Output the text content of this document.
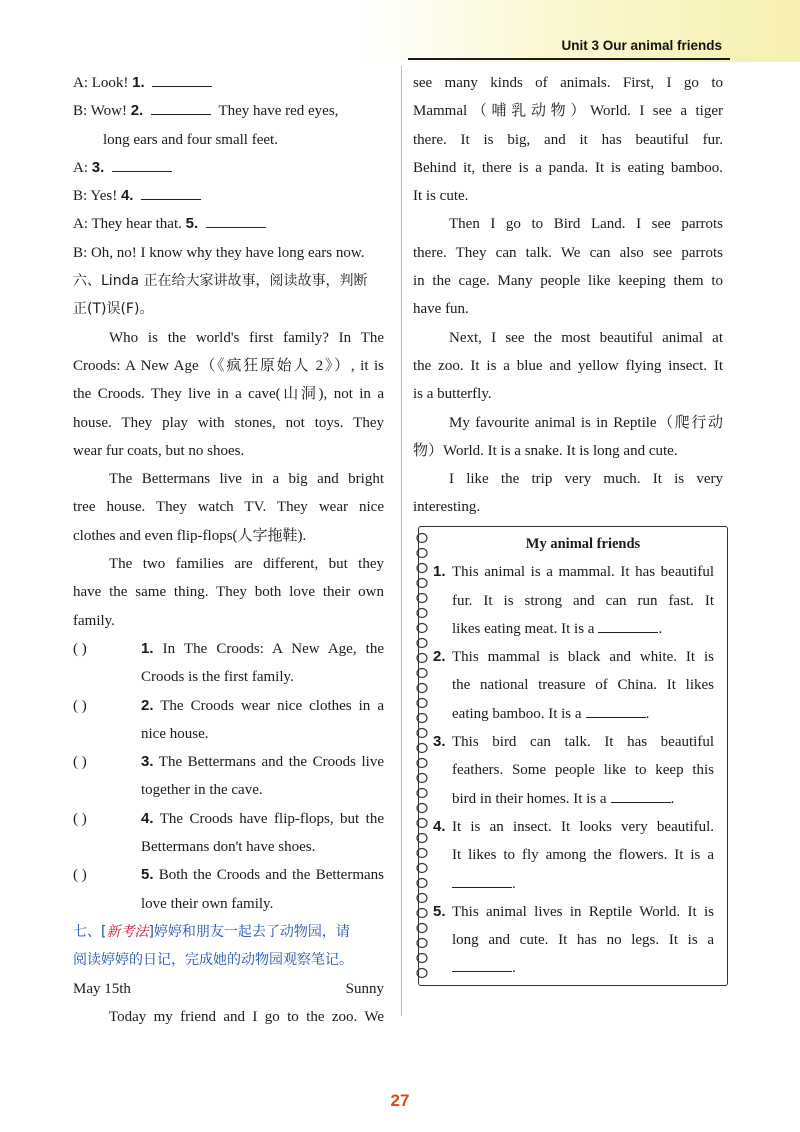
Unit 3 Our animal friends
A: Look! 1.
B: Wow! 2.	They have red eyes,
long ears and four small feet.
A: 3.
B: Yes! 4.
A: They hear that. 5.
B: Oh, no! I know why they have long ears now.
六、Linda 正在给大家讲故事，阅读故事，判断
正(T)误(F)。
Who is the world's first family? In The
Croods: A New Age（《疯狂原始人 2》）, it is
the Croods. They live in a cave(山洞), not in a
house. They play with stones, not toys. They
wear fur coats, but no shoes.
The Bettermans live in a big and bright
tree house. They watch TV. They wear nice
clothes and even flip-flops(人字拖鞋).
The two families are different, but they
have the same thing. They both love their own
family.
( )	1. In The Croods: A New Age, the
Croods is the first family.
( )	2. The Croods wear nice clothes in a
nice house.
( )	3. The Bettermans and the Croods live
together in the cave.
( )	4. The Croods have flip-flops, but the
Bettermans don't have shoes.
( )	5. Both the Croods and the Bettermans
love their own family.
七、[新考法]婷婷和朋友一起去了动物园，请
阅读婷婷的日记，完成她的动物园观察笔记。
May 15th	Sunny
Today my friend and I go to the zoo. We
see many kinds of animals. First, I go to
Mammal（哺乳动物）World. I see a tiger
there. It is big, and it has beautiful fur.
Behind it, there is a panda. It is eating bamboo.
It is cute.
Then I go to Bird Land. I see parrots
there. They can talk. We can also see parrots
in the cage. Many people like keeping them to
have fun.
Next, I see the most beautiful animal at
the zoo. It is a blue and yellow flying insect. It
is a butterfly.
My favourite animal is in Reptile（爬行动
物）World. It is a snake. It is long and cute.
I like the trip very much. It is very
interesting.
My animal friends
1. This animal is a mammal. It has beautiful
fur. It is strong and can run fast. It
likes eating meat. It is a	.
2. This mammal is black and white. It is
the national treasure of China. It likes
eating bamboo. It is a	.
3. This bird can talk. It has beautiful
feathers. Some people like to keep this
bird in their homes. It is a	.
4. It is an insect. It looks very beautiful.
It likes to fly among the flowers. It is a
.
5. This animal lives in Reptile World. It is
long and cute. It has no legs. It is a
.
27
